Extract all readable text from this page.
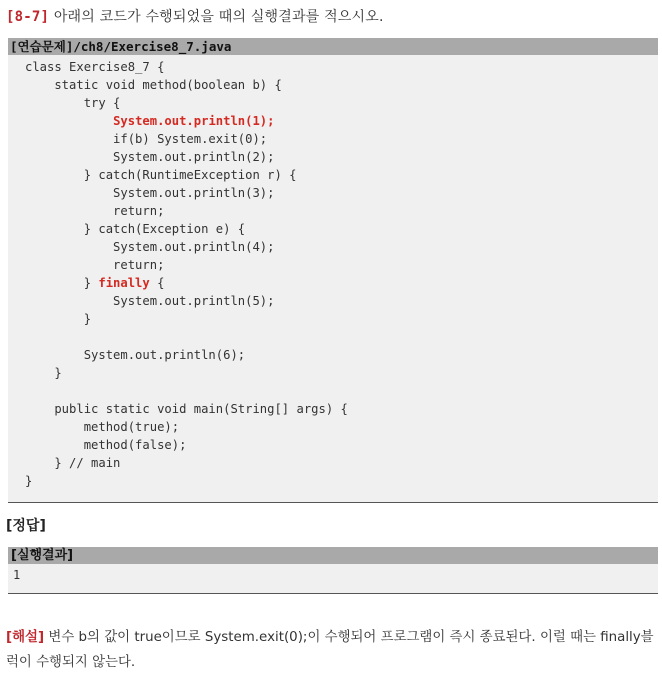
[8-7] 아래의 코드가 수행되었을 때의 실행결과를 적으시오.
[연습문제]/ch8/Exercise8_7.java
class Exercise8_7 {
static void method(boolean b) {
try {
System.out.println(1);
if(b) System.exit(0);
System.out.println(2);
} catch(RuntimeException r) {
System.out.println(3);
return;
} catch(Exception e) {
System.out.println(4);
return;
} finally {
System.out.println(5);
}
System.out.println(6);
}
public static void main(String[] args) {
method(true);
method(false);
} // main
}
[정답]
[실행결과]
1
[해설] 변수 b의 값이 true이므로 System.exit(0);이 수행되어 프로그램이 즉시 종료된다. 이럴 때는 finally블럭이 수행되지 않는다.
